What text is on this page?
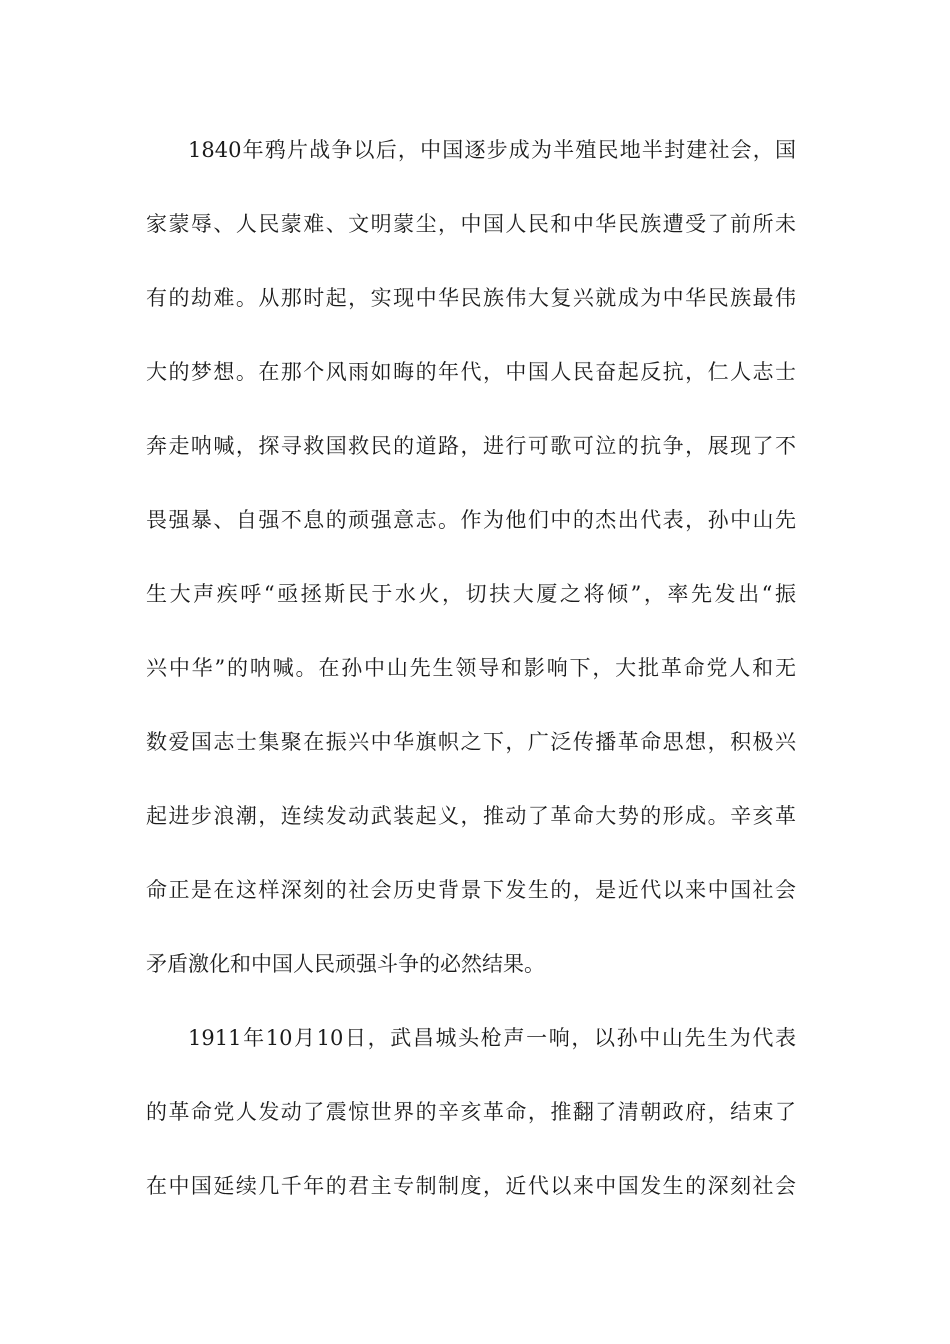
1840年鸦片战争以后，中国逐步成为半殖民地半封建社会，国
家蒙辱、人民蒙难、文明蒙尘，中国人民和中华民族遭受了前所未
有的劫难。从那时起，实现中华民族伟大复兴就成为中华民族最伟
大的梦想。在那个风雨如晦的年代，中国人民奋起反抗，仁人志士
奔走呐喊，探寻救国救民的道路，进行可歌可泣的抗争，展现了不
畏强暴、自强不息的顽强意志。作为他们中的杰出代表，孙中山先
生大声疾呼“亟拯斯民于水火，切扶大厦之将倾”，率先发出“振
兴中华”的呐喊。在孙中山先生领导和影响下，大批革命党人和无
数爱国志士集聚在振兴中华旗帜之下，广泛传播革命思想，积极兴
起进步浪潮，连续发动武装起义，推动了革命大势的形成。辛亥革
命正是在这样深刻的社会历史背景下发生的，是近代以来中国社会
矛盾激化和中国人民顽强斗争的必然结果。
1911年10月10日，武昌城头枪声一响，以孙中山先生为代表
的革命党人发动了震惊世界的辛亥革命，推翻了清朝政府，结束了
在中国延续几千年的君主专制制度，近代以来中国发生的深刻社会
